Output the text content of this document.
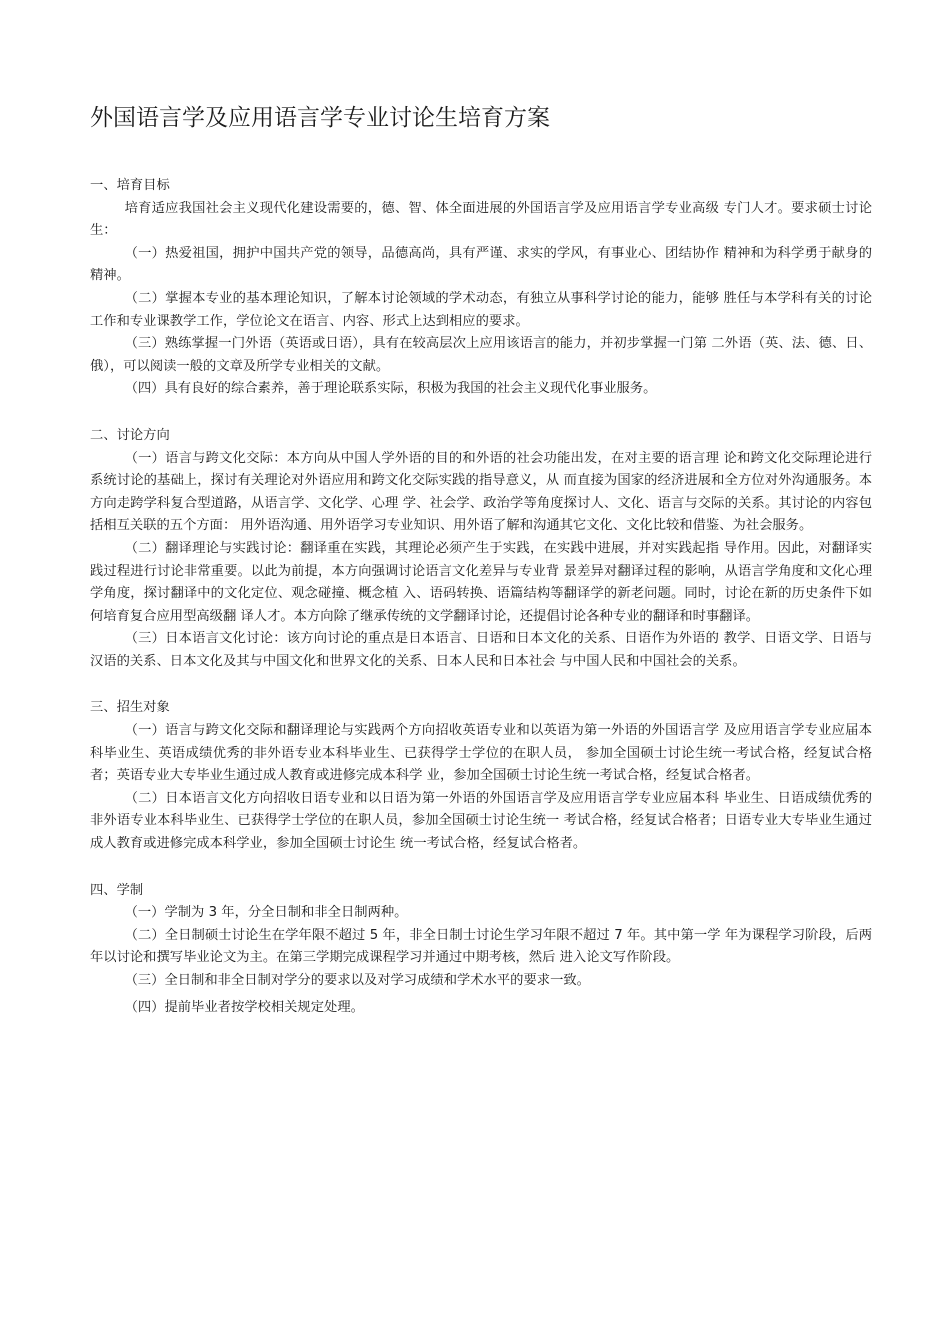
外国语言学及应用语言学专业讨论生培育方案

一、培育目标

培育适应我国社会主义现代化建设需要的，德、智、体全面进展的外国语言学及应用语言学专业高级 专门人才。要求硕士讨论生：

（一）热爱祖国，拥护中国共产党的领导，品德高尚，具有严谨、求实的学风，有事业心、团结协作 精神和为科学勇于献身的精神。

（二）掌握本专业的基本理论知识，了解本讨论领域的学术动态，有独立从事科学讨论的能力，能够 胜任与本学科有关的讨论工作和专业课教学工作，学位论文在语言、内容、形式上达到相应的要求。

（三）熟练掌握一门外语（英语或日语），具有在较高层次上应用该语言的能力，并初步掌握一门第 二外语（英、法、德、日、俄），可以阅读一般的文章及所学专业相关的文献。

（四）具有良好的综合素养，善于理论联系实际，积极为我国的社会主义现代化事业服务。

二、讨论方向

（一）语言与跨文化交际：本方向从中国人学外语的目的和外语的社会功能出发，在对主要的语言理 论和跨文化交际理论进行系统讨论的基础上，探讨有关理论对外语应用和跨文化交际实践的指导意义，从 而直接为国家的经济进展和全方位对外沟通服务。本方向走跨学科复合型道路，从语言学、文化学、心理 学、社会学、政治学等角度探讨人、文化、语言与交际的关系。其讨论的内容包括相互关联的五个方面： 用外语沟通、用外语学习专业知识、用外语了解和沟通其它文化、文化比较和借鉴、为社会服务。

（二）翻译理论与实践讨论：翻译重在实践，其理论必须产生于实践，在实践中进展，并对实践起指 导作用。因此，对翻译实践过程进行讨论非常重要。以此为前提，本方向强调讨论语言文化差异与专业背 景差异对翻译过程的影响，从语言学角度和文化心理学角度，探讨翻译中的文化定位、观念碰撞、概念植 入、语码转换、语篇结构等翻译学的新老问题。同时，讨论在新的历史条件下如何培育复合应用型高级翻 译人才。本方向除了继承传统的文学翻译讨论，还提倡讨论各种专业的翻译和时事翻译。

（三）日本语言文化讨论：该方向讨论的重点是日本语言、日语和日本文化的关系、日语作为外语的 教学、日语文学、日语与汉语的关系、日本文化及其与中国文化和世界文化的关系、日本人民和日本社会 与中国人民和中国社会的关系。

三、招生对象

（一）语言与跨文化交际和翻译理论与实践两个方向招收英语专业和以英语为第一外语的外国语言学 及应用语言学专业应届本科毕业生、英语成绩优秀的非外语专业本科毕业生、已获得学士学位的在职人员， 参加全国硕士讨论生统一考试合格，经复试合格者；英语专业大专毕业生通过成人教育或进修完成本科学 业，参加全国硕士讨论生统一考试合格，经复试合格者。

（二）日本语言文化方向招收日语专业和以日语为第一外语的外国语言学及应用语言学专业应届本科 毕业生、日语成绩优秀的非外语专业本科毕业生、已获得学士学位的在职人员，参加全国硕士讨论生统一 考试合格，经复试合格者；日语专业大专毕业生通过成人教育或进修完成本科学业，参加全国硕士讨论生 统一考试合格，经复试合格者。

四、学制

（一）学制为 3 年，分全日制和非全日制两种。

（二）全日制硕士讨论生在学年限不超过 5 年，非全日制士讨论生学习年限不超过 7 年。其中第一学 年为课程学习阶段，后两年以讨论和撰写毕业论文为主。在第三学期完成课程学习并通过中期考核，然后 进入论文写作阶段。

（三）全日制和非全日制对学分的要求以及对学习成绩和学术水平的要求一致。

（四）提前毕业者按学校相关规定处理。
